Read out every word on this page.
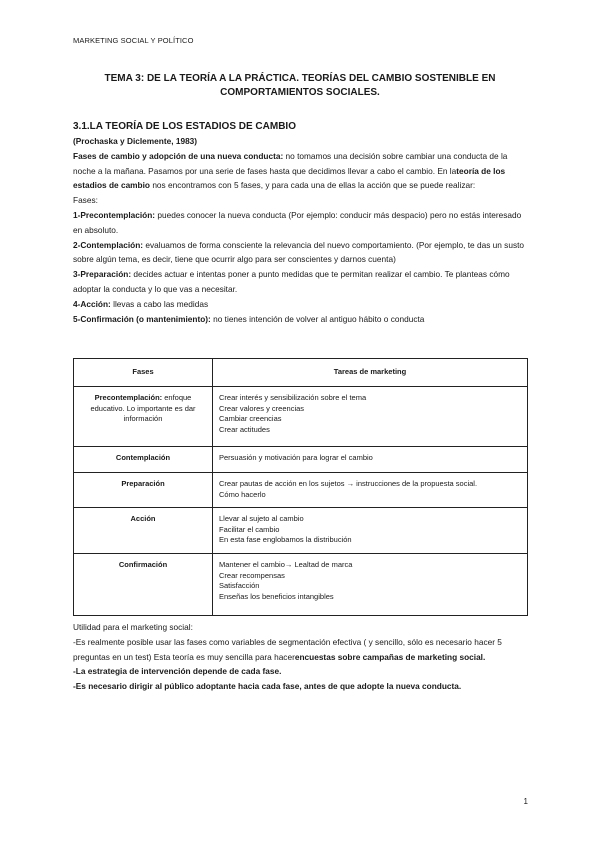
MARKETING SOCIAL Y POLÍTICO
TEMA 3: DE LA TEORÍA A LA PRÁCTICA. TEORÍAS DEL CAMBIO SOSTENIBLE EN COMPORTAMIENTOS SOCIALES.

3.1.LA TEORÍA DE LOS ESTADIOS DE CAMBIO

(Prochaska y Diclemente, 1983)

Fases de cambio y adopción de una nueva conducta: no tomamos una decisión sobre cambiar una conducta de la noche a la mañana. Pasamos por una serie de fases hasta que decidimos llevar a cabo el cambio. En lateoría de los estadios de cambio nos encontramos con 5 fases, y para cada una de ellas la acción que se puede realizar:

Fases:

1-Precontemplación: puedes conocer la nueva conducta (Por ejemplo: conducir más despacio) pero no estás interesado en absoluto.

2-Contemplación: evaluamos de forma consciente la relevancia del nuevo comportamiento. (Por ejemplo, te das un susto sobre algún tema, es decir, tiene que ocurrir algo para ser conscientes y darnos cuenta)

3-Preparación: decides actuar e intentas poner a punto medidas que te permitan realizar el cambio. Te planteas cómo adoptar la conducta y lo que vas a necesitar.

4-Acción: llevas a cabo las medidas

5-Confirmación (o mantenimiento): no tienes intención de volver al antiguo hábito o conducta

Fases	Tareas de marketing
Precontemplación: enfoque educativo. Lo importante es dar información	Crear interés y sensibilización sobre el tema
Crear valores y creencias
Cambiar creencias
Crear actitudes

Contemplación	Persuasión y motivación para lograr el cambio

Preparación	Crear pautas de acción en los sujetos → instrucciones de la propuesta social.
Cómo hacerlo

Acción	Llevar al sujeto al cambio
Facilitar el cambio
En esta fase englobamos la distribución

Confirmación	Mantener el cambio→ Lealtad de marca
Crear recompensas
Satisfacción
Enseñas los beneficios intangibles

Utilidad para el marketing social:

-Es realmente posible usar las fases como variables de segmentación efectiva ( y sencillo, sólo es necesario hacer 5 preguntas en un test) Esta teoría es muy sencilla para hacerencuestas sobre campañas de marketing social.

-La estrategia de intervención depende de cada fase.

-Es necesario dirigir al público adoptante hacia cada fase, antes de que adopte la nueva conducta.

1
